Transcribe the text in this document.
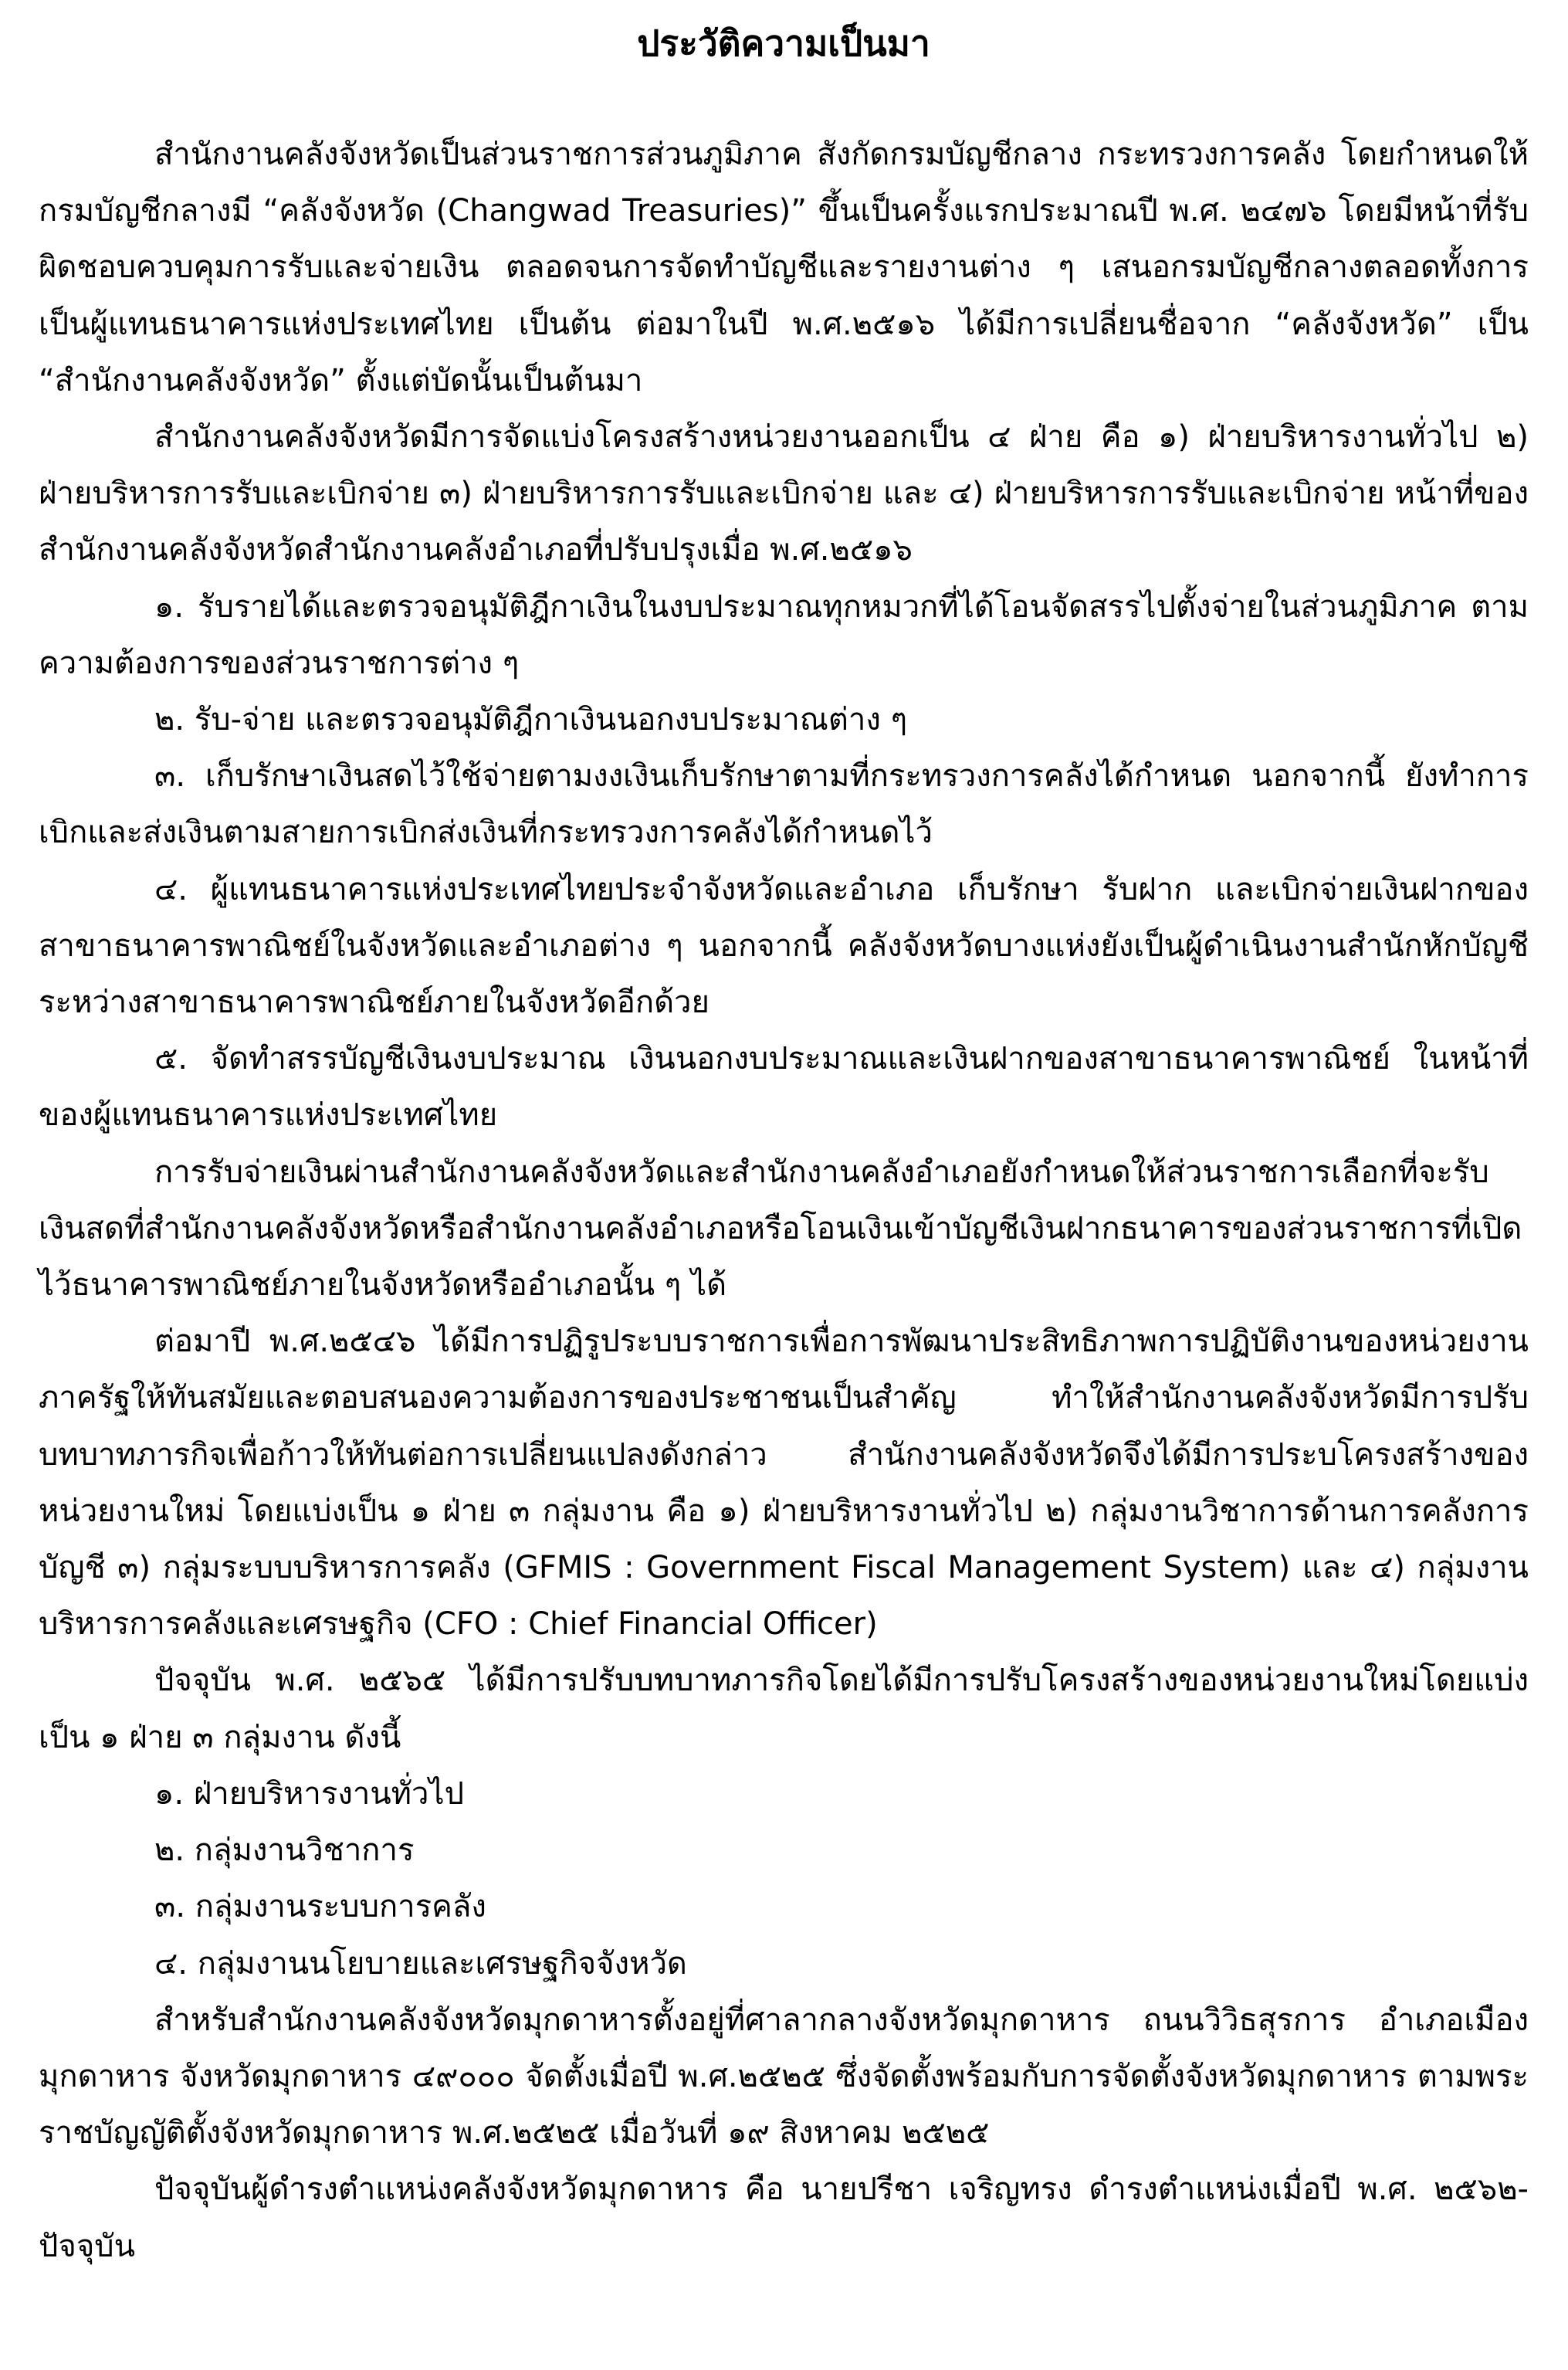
ประวัติความเป็นมา

สำนักงานคลังจังหวัดเป็นส่วนราชการส่วนภูมิภาค สังกัดกรมบัญชีกลาง กระทรวงการคลัง โดยกำหนดให้กรมบัญชีกลางมี “คลังจังหวัด (Changwad Treasuries)” ขึ้นเป็นครั้งแรกประมาณปี พ.ศ. ๒๔๗๖ โดยมีหน้าที่รับผิดชอบควบคุมการรับและจ่ายเงิน ตลอดจนการจัดทำบัญชีและรายงานต่าง ๆ เสนอกรมบัญชีกลางตลอดทั้งการเป็นผู้แทนธนาคารแห่งประเทศไทย เป็นต้น ต่อมาในปี พ.ศ.๒๕๑๖ ได้มีการเปลี่ยนชื่อจาก “คลังจังหวัด” เป็น “สำนักงานคลังจังหวัด” ตั้งแต่บัดนั้นเป็นต้นมา

สำนักงานคลังจังหวัดมีการจัดแบ่งโครงสร้างหน่วยงานออกเป็น ๔ ฝ่าย คือ ๑) ฝ่ายบริหารงานทั่วไป ๒) ฝ่ายบริหารการรับและเบิกจ่าย ๓) ฝ่ายบริหารการรับและเบิกจ่าย และ ๔) ฝ่ายบริหารการรับและเบิกจ่าย หน้าที่ของสำนักงานคลังจังหวัดสำนักงานคลังอำเภอที่ปรับปรุงเมื่อ พ.ศ.๒๕๑๖

๑. รับรายได้และตรวจอนุมัติฎีกาเงินในงบประมาณทุกหมวกที่ได้โอนจัดสรรไปตั้งจ่ายในส่วนภูมิภาค ตามความต้องการของส่วนราชการต่าง ๆ

๒. รับ-จ่าย และตรวจอนุมัติฎีกาเงินนอกงบประมาณต่าง ๆ

๓. เก็บรักษาเงินสดไว้ใช้จ่ายตามงงเงินเก็บรักษาตามที่กระทรวงการคลังได้กำหนด นอกจากนี้ ยังทำการเบิกและส่งเงินตามสายการเบิกส่งเงินที่กระทรวงการคลังได้กำหนดไว้

๔. ผู้แทนธนาคารแห่งประเทศไทยประจำจังหวัดและอำเภอ เก็บรักษา รับฝาก และเบิกจ่ายเงินฝากของสาขาธนาคารพาณิชย์ในจังหวัดและอำเภอต่าง ๆ นอกจากนี้ คลังจังหวัดบางแห่งยังเป็นผู้ดำเนินงานสำนักหักบัญชีระหว่างสาขาธนาคารพาณิชย์ภายในจังหวัดอีกด้วย

๕. จัดทำสรรบัญชีเงินงบประมาณ เงินนอกงบประมาณและเงินฝากของสาขาธนาคารพาณิชย์ ในหน้าที่ของผู้แทนธนาคารแห่งประเทศไทย

การรับจ่ายเงินผ่านสำนักงานคลังจังหวัดและสำนักงานคลังอำเภอยังกำหนดให้ส่วนราชการเลือกที่จะรับเงินสดที่สำนักงานคลังจังหวัดหรือสำนักงานคลังอำเภอหรือโอนเงินเข้าบัญชีเงินฝากธนาคารของส่วนราชการที่เปิดไว้ธนาคารพาณิชย์ภายในจังหวัดหรืออำเภอนั้น ๆ ได้

ต่อมาปี พ.ศ.๒๕๔๖ ได้มีการปฏิรูประบบราชการเพื่อการพัฒนาประสิทธิภาพการปฏิบัติงานของหน่วยงานภาครัฐให้ทันสมัยและตอบสนองความต้องการของประชาชนเป็นสำคัญ ทำให้สำนักงานคลังจังหวัดมีการปรับบทบาทภารกิจเพื่อก้าวให้ทันต่อการเปลี่ยนแปลงดังกล่าว สำนักงานคลังจังหวัดจึงได้มีการประบโครงสร้างของหน่วยงานใหม่ โดยแบ่งเป็น ๑ ฝ่าย ๓ กลุ่มงาน คือ ๑) ฝ่ายบริหารงานทั่วไป ๒) กลุ่มงานวิชาการด้านการคลังการบัญชี ๓) กลุ่มระบบบริหารการคลัง (GFMIS : Government Fiscal Management System) และ ๔) กลุ่มงานบริหารการคลังและเศรษฐกิจ (CFO : Chief Financial Officer)

ปัจจุบัน พ.ศ. ๒๕๖๕ ได้มีการปรับบทบาทภารกิจโดยได้มีการปรับโครงสร้างของหน่วยงานใหม่โดยแบ่งเป็น ๑ ฝ่าย ๓ กลุ่มงาน ดังนี้

๑. ฝ่ายบริหารงานทั่วไป

๒. กลุ่มงานวิชาการ

๓. กลุ่มงานระบบการคลัง

๔. กลุ่มงานนโยบายและเศรษฐกิจจังหวัด

สำหรับสำนักงานคลังจังหวัดมุกดาหารตั้งอยู่ที่ศาลากลางจังหวัดมุกดาหาร ถนนวิวิธสุรการ อำเภอเมืองมุกดาหาร จังหวัดมุกดาหาร ๔๙๐๐๐ จัดตั้งเมื่อปี พ.ศ.๒๕๒๕ ซึ่งจัดตั้งพร้อมกับการจัดตั้งจังหวัดมุกดาหาร ตามพระราชบัญญัติตั้งจังหวัดมุกดาหาร พ.ศ.๒๕๒๕ เมื่อวันที่ ๑๙ สิงหาคม ๒๕๒๕

ปัจจุบันผู้ดำรงตำแหน่งคลังจังหวัดมุกดาหาร คือ นายปรีชา เจริญทรง ดำรงตำแหน่งเมื่อปี พ.ศ. ๒๕๖๒-ปัจจุบัน
